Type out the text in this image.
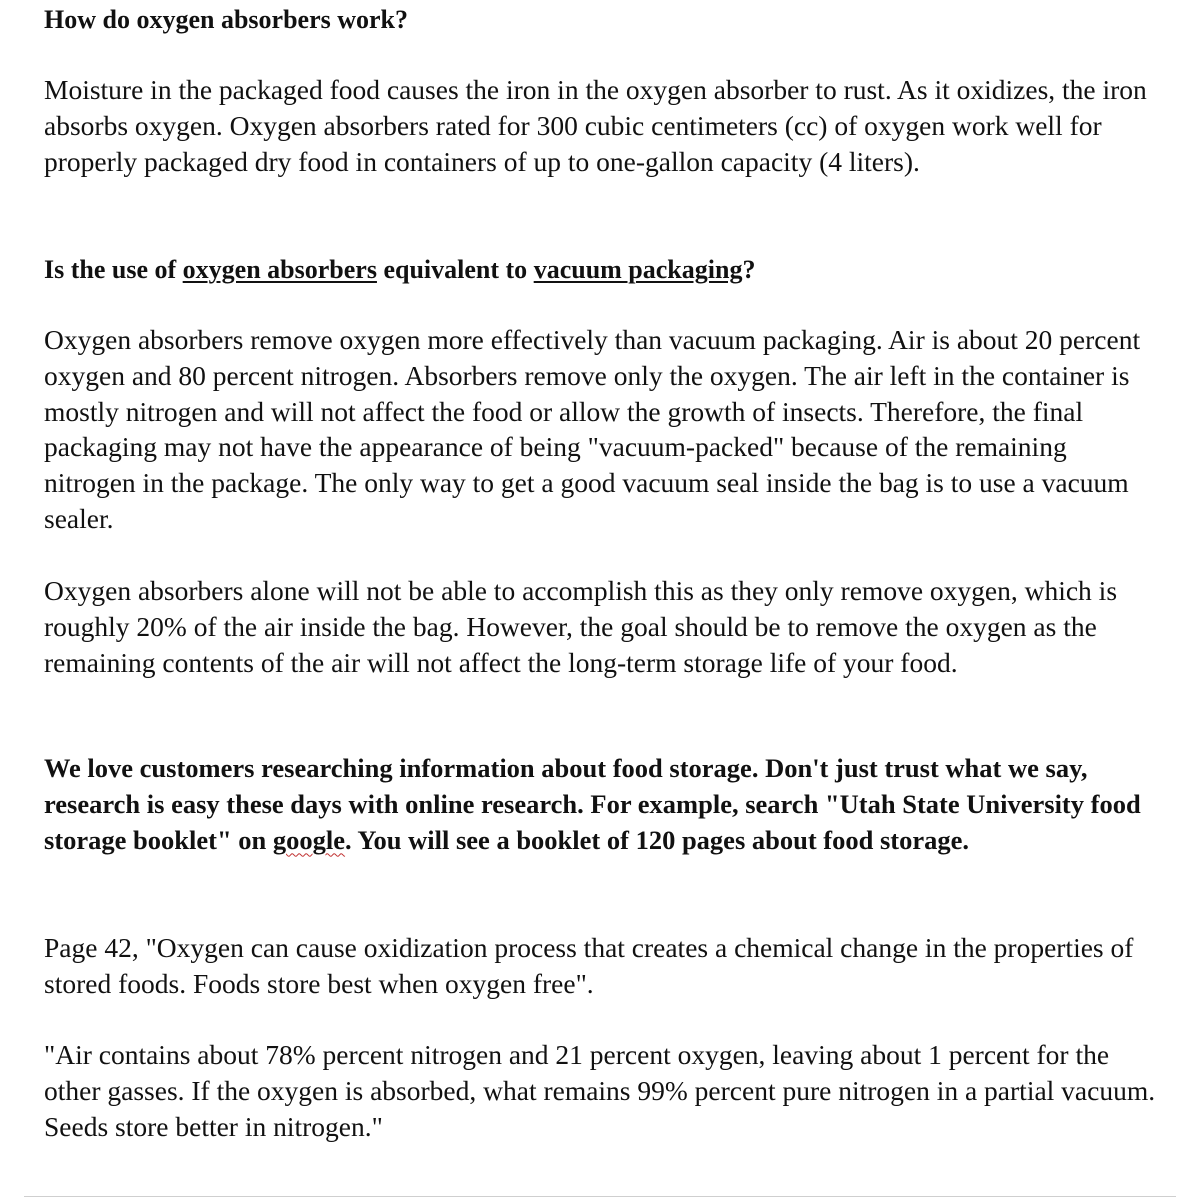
How do oxygen absorbers work?

Moisture in the packaged food causes the iron in the oxygen absorber to rust. As it oxidizes, the iron absorbs oxygen. Oxygen absorbers rated for 300 cubic centimeters (cc) of oxygen work well for properly packaged dry food in containers of up to one-gallon capacity (4 liters).

Is the use of oxygen absorbers equivalent to vacuum packaging?

Oxygen absorbers remove oxygen more effectively than vacuum packaging. Air is about 20 percent oxygen and 80 percent nitrogen. Absorbers remove only the oxygen. The air left in the container is mostly nitrogen and will not affect the food or allow the growth of insects. Therefore, the final packaging may not have the appearance of being "vacuum-packed" because of the remaining nitrogen in the package. The only way to get a good vacuum seal inside the bag is to use a vacuum sealer.

Oxygen absorbers alone will not be able to accomplish this as they only remove oxygen, which is roughly 20% of the air inside the bag. However, the goal should be to remove the oxygen as the remaining contents of the air will not affect the long-term storage life of your food.

We love customers researching information about food storage. Don't just trust what we say, research is easy these days with online research. For example, search "Utah State University food storage booklet" on google. You will see a booklet of 120 pages about food storage.

Page 42, "Oxygen can cause oxidization process that creates a chemical change in the properties of stored foods. Foods store best when oxygen free".

"Air contains about 78% percent nitrogen and 21 percent oxygen, leaving about 1 percent for the other gasses. If the oxygen is absorbed, what remains 99% percent pure nitrogen in a partial vacuum. Seeds store better in nitrogen."
